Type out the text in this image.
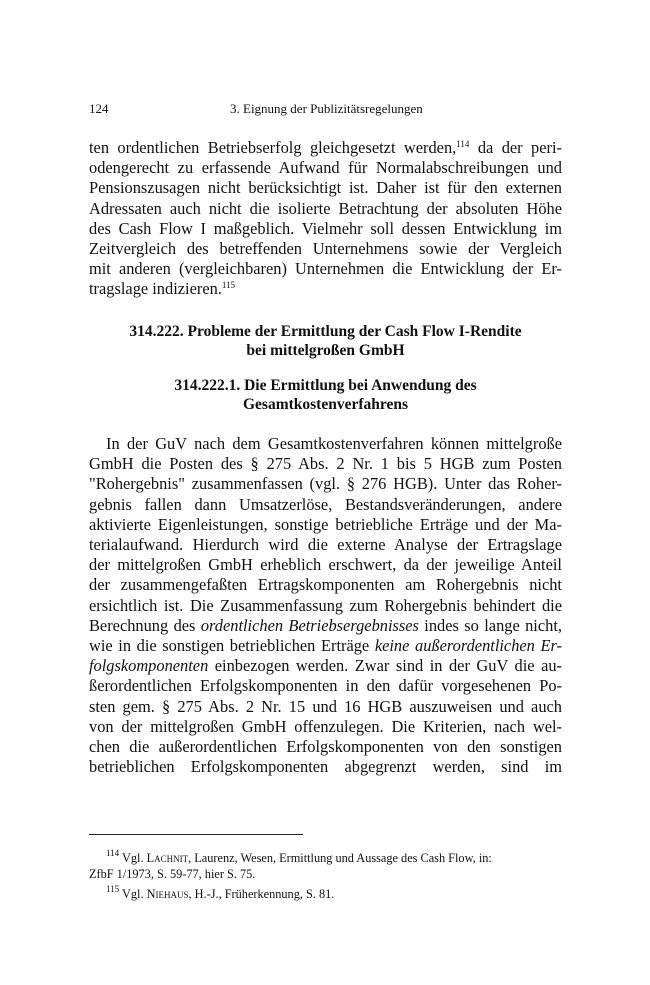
124	3. Eignung der Publizitätsregelungen
ten ordentlichen Betriebserfolg gleichgesetzt werden,$^{114}$ da der peri-
odengerecht zu erfassende Aufwand für Normalabschreibungen und
Pensionszusagen nicht berücksichtigt ist. Daher ist für den externen
Adressaten auch nicht die isolierte Betrachtung der absoluten Höhe
des Cash Flow I maßgeblich. Vielmehr soll dessen Entwicklung im
Zeitvergleich des betreffenden Unternehmens sowie der Vergleich
mit anderen (vergleichbaren) Unternehmen die Entwicklung der Er-
tragslage indizieren.$^{115}$
314.222. Probleme der Ermittlung der Cash Flow I-Rendite
bei mittelgroßen GmbH
314.222.1. Die Ermittlung bei Anwendung des
Gesamtkostenverfahrens
In der GuV nach dem Gesamtkostenverfahren können mittelgroße
GmbH die Posten des § 275 Abs. 2 Nr. 1 bis 5 HGB zum Posten
"Rohergebnis" zusammenfassen (vgl. § 276 HGB). Unter das Roher-
gebnis fallen dann Umsatzerlöse, Bestandsveränderungen, andere
aktivierte Eigenleistungen, sonstige betriebliche Erträge und der Ma-
terialaufwand. Hierdurch wird die externe Analyse der Ertragslage
der mittelgroßen GmbH erheblich erschwert, da der jeweilige Anteil
der zusammengefaßten Ertragskomponenten am Rohergebnis nicht
ersichtlich ist. Die Zusammenfassung zum Rohergebnis behindert die
Berechnung des ordentlichen Betriebsergebnisses indes so lange nicht,
wie in die sonstigen betrieblichen Erträge keine außerordentlichen Er-
folgskomponenten einbezogen werden. Zwar sind in der GuV die au-
ßerordentlichen Erfolgskomponenten in den dafür vorgesehenen Po-
sten gem. § 275 Abs. 2 Nr. 15 und 16 HGB auszuweisen und auch
von der mittelgroßen GmbH offenzulegen. Die Kriterien, nach wel-
chen die außerordentlichen Erfolgskomponenten von den sonstigen
betrieblichen Erfolgskomponenten abgegrenzt werden, sind im
$^{114}$ Vgl. Lachnit, Laurenz, Wesen, Ermittlung und Aussage des Cash Flow, in:
ZfbF 1/1973, S. 59-77, hier S. 75.
$^{115}$ Vgl. Niehaus, H.-J., Früherkennung, S. 81.
